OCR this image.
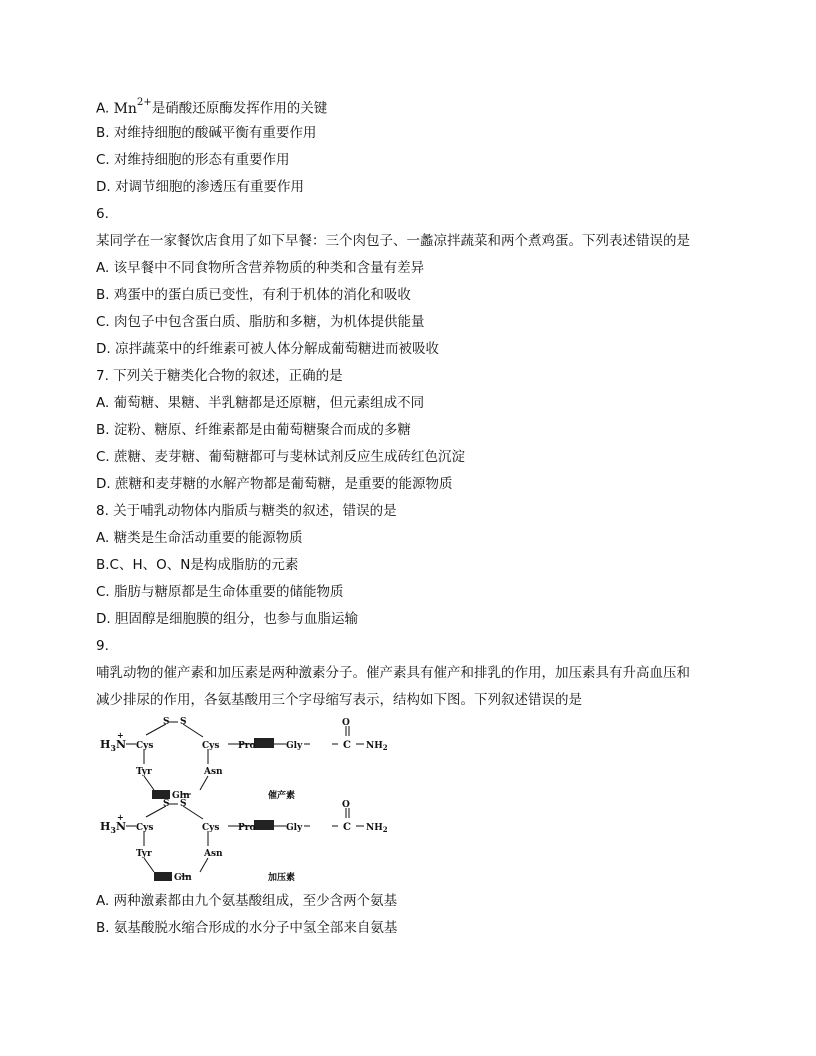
A. $Mn^{2+}$是硝酸还原酶发挥作用的关键
B. 对维持细胞的酸碱平衡有重要作用
C. 对维持细胞的形态有重要作用
D. 对调节细胞的渗透压有重要作用
6.
某同学在一家餐饮店食用了如下早餐：三个肉包子、一蠡凉拌蔬菜和两个煮鸡蛋。下列表述错误的是
A. 该早餐中不同食物所含营养物质的种类和含量有差异
B. 鸡蛋中的蛋白质已变性，有利于机体的消化和吸收
C. 肉包子中包含蛋白质、脂肪和多糖，为机体提供能量
D. 凉拌蔬菜中的纤维素可被人体分解成葡萄糖进而被吸收
7. 下列关于糖类化合物的叙述，正确的是
A. 葡萄糖、果糖、半乳糖都是还原糖，但元素组成不同
B. 淀粉、糖原、纤维素都是由葡萄糖聚合而成的多糖
C. 蔗糖、麦芽糖、葡萄糖都可与斐林试剂反应生成砖红色沉淀
D. 蔗糖和麦芽糖的水解产物都是葡萄糖，是重要的能源物质
8. 关于哺乳动物体内脂质与糖类的叙述，错误的是
A. 糖类是生命活动重要的能源物质
B.C、H、O、N是构成脂肪的元素
C. 脂肪与糖原都是生命体重要的储能物质
D. 胆固醇是细胞膜的组分，也参与血脂运输
9.
哺乳动物的催产素和加压素是两种激素分子。催产素具有催产和排乳的作用，加压素具有升高血压和
减少排尿的作用，各氨基酸用三个字母缩写表示，结构如下图。下列叙述错误的是
$H_3N$
+
Cys
S S
Cys Pro	Gly
O
C $NH_2$
Tyr	Asn
Gln	催产素
$H_3N$
+
Cys
S S
Cys Pro	Gly
O
C $NH_2$
Tyr	Asn
Gln	加压素
A. 两种激素都由九个氨基酸组成，至少含两个氨基
B. 氨基酸脱水缩合形成的水分子中氢全部来自氨基
